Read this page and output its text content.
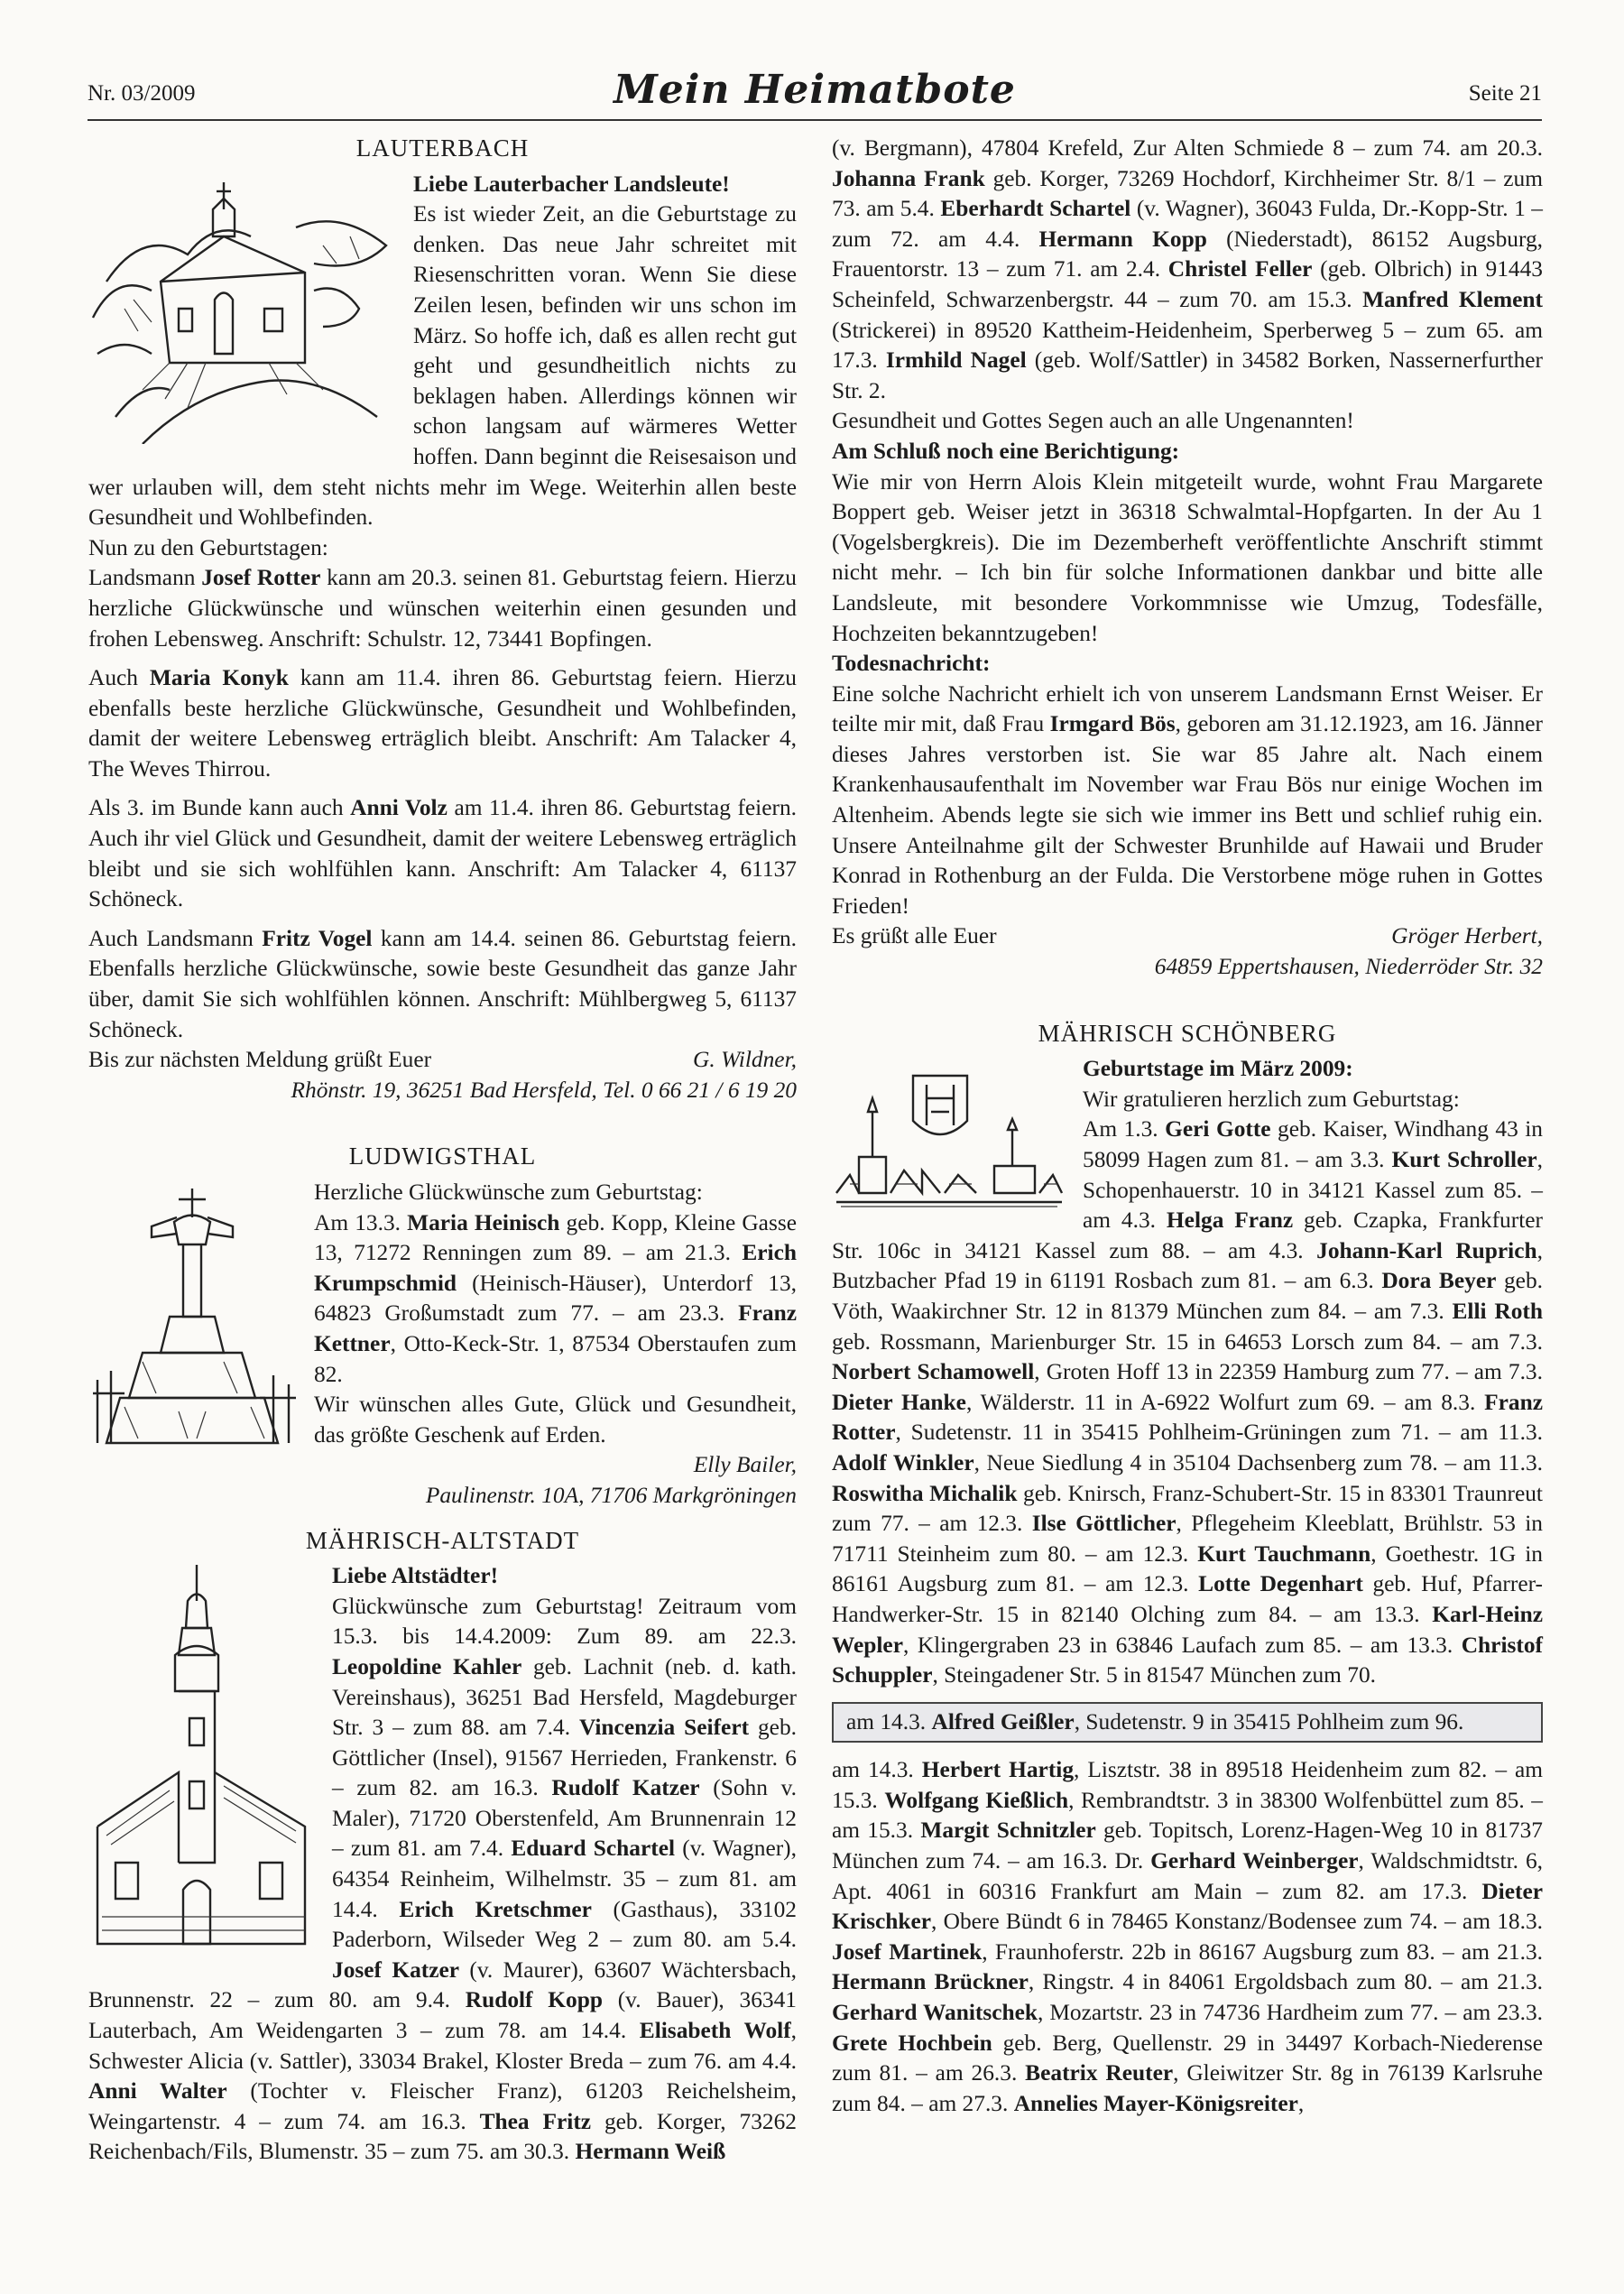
Nr. 03/2009	Mein Heimatbote	Seite 21
LAUTERBACH

Liebe Lauterbacher Landsleute!

Es ist wieder Zeit, an die Geburtstage zu denken. Das neue Jahr schreitet mit Riesenschritten voran. Wenn Sie diese Zeilen lesen, befinden wir uns schon im März. So hoffe ich, daß es allen recht gut geht und gesundheitlich nichts zu beklagen haben. Allerdings können wir schon langsam auf wärmeres Wetter hoffen. Dann beginnt die Reisesaison und wer urlauben will, dem steht nichts mehr im Wege. Weiterhin allen beste Gesundheit und Wohlbefinden.

Nun zu den Geburtstagen:

Landsmann Josef Rotter kann am 20.3. seinen 81. Geburtstag feiern. Hierzu herzliche Glückwünsche und wünschen weiterhin einen gesunden und frohen Lebensweg. Anschrift: Schulstr. 12, 73441 Bopfingen.

Auch Maria Konyk kann am 11.4. ihren 86. Geburtstag feiern. Hierzu ebenfalls beste herzliche Glückwünsche, Gesundheit und Wohlbefinden, damit der weitere Lebensweg erträglich bleibt. Anschrift: Am Talacker 4, The Weves Thirrou.

Als 3. im Bunde kann auch Anni Volz am 11.4. ihren 86. Geburtstag feiern. Auch ihr viel Glück und Gesundheit, damit der weitere Lebensweg erträglich bleibt und sie sich wohlfühlen kann. Anschrift: Am Talacker 4, 61137 Schöneck.

Auch Landsmann Fritz Vogel kann am 14.4. seinen 86. Geburtstag feiern. Ebenfalls herzliche Glückwünsche, sowie beste Gesundheit das ganze Jahr über, damit Sie sich wohlfühlen können. Anschrift: Mühlbergweg 5, 61137 Schöneck.

Bis zur nächsten Meldung grüßt Euer	G. Wildner,

Rhönstr. 19, 36251 Bad Hersfeld, Tel. 0 66 21 / 6 19 20

LUDWIGSTHAL

Herzliche Glückwünsche zum Geburtstag:

Am 13.3. Maria Heinisch geb. Kopp, Kleine Gasse 13, 71272 Renningen zum 89. – am 21.3. Erich Krumpschmid (Heinisch-Häuser), Unterdorf 13, 64823 Großumstadt zum 77. – am 23.3. Franz Kettner, Otto-Keck-Str. 1, 87534 Oberstaufen zum 82.

Wir wünschen alles Gute, Glück und Gesundheit, das größte Geschenk auf Erden.

Elly Bailer,

Paulinenstr. 10A, 71706 Markgröningen

MÄHRISCH-ALTSTADT

Liebe Altstädter!

Glückwünsche zum Geburtstag! Zeitraum vom 15.3. bis 14.4.2009: Zum 89. am 22.3. Leopoldine Kahler geb. Lachnit (neb. d. kath. Vereinshaus), 36251 Bad Hersfeld, Magdeburger Str. 3 – zum 88. am 7.4. Vincenzia Seifert geb. Göttlicher (Insel), 91567 Herrieden, Frankenstr. 6 – zum 82. am 16.3. Rudolf Katzer (Sohn v. Maler), 71720 Oberstenfeld, Am Brunnenrain 12 – zum 81. am 7.4. Eduard Schartel (v. Wagner), 64354 Reinheim, Wilhelmstr. 35 – zum 81. am 14.4. Erich Kretschmer (Gasthaus), 33102 Paderborn, Wilseder Weg 2 – zum 80. am 5.4. Josef Katzer (v. Maurer), 63607 Wächtersbach, Brunnenstr. 22 – zum 80. am 9.4. Rudolf Kopp (v. Bauer), 36341 Lauterbach, Am Weidengarten 3 – zum 78. am 14.4. Elisabeth Wolf, Schwester Alicia (v. Sattler), 33034 Brakel, Kloster Breda – zum 76. am 4.4. Anni Walter (Tochter v. Fleischer Franz), 61203 Reichelsheim, Weingartenstr. 4 – zum 74. am 16.3. Thea Fritz geb. Korger, 73262 Reichenbach/Fils, Blumenstr. 35 – zum 75. am 30.3. Hermann Weiß

(v. Bergmann), 47804 Krefeld, Zur Alten Schmiede 8 – zum 74. am 20.3. Johanna Frank geb. Korger, 73269 Hochdorf, Kirchheimer Str. 8/1 – zum 73. am 5.4. Eberhardt Schartel (v. Wagner), 36043 Fulda, Dr.-Kopp-Str. 1 – zum 72. am 4.4. Hermann Kopp (Niederstadt), 86152 Augsburg, Frauentorstr. 13 – zum 71. am 2.4. Christel Feller (geb. Olbrich) in 91443 Scheinfeld, Schwarzenbergstr. 44 – zum 70. am 15.3. Manfred Klement (Strickerei) in 89520 Kattheim-Heidenheim, Sperberweg 5 – zum 65. am 17.3. Irmhild Nagel (geb. Wolf/Sattler) in 34582 Borken, Nassernerfurther Str. 2.

Gesundheit und Gottes Segen auch an alle Ungenannten!

Am Schluß noch eine Berichtigung:

Wie mir von Herrn Alois Klein mitgeteilt wurde, wohnt Frau Margarete Boppert geb. Weiser jetzt in 36318 Schwalmtal-Hopfgarten. In der Au 1 (Vogelsbergkreis). Die im Dezemberheft veröffentlichte Anschrift stimmt nicht mehr. – Ich bin für solche Informationen dankbar und bitte alle Landsleute, mit besondere Vorkommnisse wie Umzug, Todesfälle, Hochzeiten bekanntzugeben!

Todesnachricht:

Eine solche Nachricht erhielt ich von unserem Landsmann Ernst Weiser. Er teilte mir mit, daß Frau Irmgard Bös, geboren am 31.12.1923, am 16. Jänner dieses Jahres verstorben ist. Sie war 85 Jahre alt. Nach einem Krankenhausaufenthalt im November war Frau Bös nur einige Wochen im Altenheim. Abends legte sie sich wie immer ins Bett und schlief ruhig ein. Unsere Anteilnahme gilt der Schwester Brunhilde auf Hawaii und Bruder Konrad in Rothenburg an der Fulda. Die Verstorbene möge ruhen in Gottes Frieden!

Es grüßt alle Euer	Gröger Herbert,

64859 Eppertshausen, Niederröder Str. 32

MÄHRISCH SCHÖNBERG

Geburtstage im März 2009:

Wir gratulieren herzlich zum Geburtstag:

Am 1.3. Geri Gotte geb. Kaiser, Windhang 43 in 58099 Hagen zum 81. – am 3.3. Kurt Schroller, Schopenhauerstr. 10 in 34121 Kassel zum 85. – am 4.3. Helga Franz geb. Czapka, Frankfurter Str. 106c in 34121 Kassel zum 88. – am 4.3. Johann-Karl Ruprich, Butzbacher Pfad 19 in 61191 Rosbach zum 81. – am 6.3. Dora Beyer geb. Vöth, Waakirchner Str. 12 in 81379 München zum 84. – am 7.3. Elli Roth geb. Rossmann, Marienburger Str. 15 in 64653 Lorsch zum 84. – am 7.3. Norbert Schamowell, Groten Hoff 13 in 22359 Hamburg zum 77. – am 7.3. Dieter Hanke, Wälderstr. 11 in A-6922 Wolfurt zum 69. – am 8.3. Franz Rotter, Sudetenstr. 11 in 35415 Pohlheim-Grüningen zum 71. – am 11.3. Adolf Winkler, Neue Siedlung 4 in 35104 Dachsenberg zum 78. – am 11.3. Roswitha Michalik geb. Knirsch, Franz-Schubert-Str. 15 in 83301 Traunreut zum 77. – am 12.3. Ilse Göttlicher, Pflegeheim Kleeblatt, Brühlstr. 53 in 71711 Steinheim zum 80. – am 12.3. Kurt Tauchmann, Goethestr. 1G in 86161 Augsburg zum 81. – am 12.3. Lotte Degenhart geb. Huf, Pfarrer-Handwerker-Str. 15 in 82140 Olching zum 84. – am 13.3. Karl-Heinz Wepler, Klingergraben 23 in 63846 Laufach zum 85. – am 13.3. Christof Schuppler, Steingadener Str. 5 in 81547 München zum 70.

am 14.3. Alfred Geißler, Sudetenstr. 9 in 35415 Pohlheim zum 96.

am 14.3. Herbert Hartig, Lisztstr. 38 in 89518 Heidenheim zum 82. – am 15.3. Wolfgang Kießlich, Rembrandtstr. 3 in 38300 Wolfenbüttel zum 85. – am 15.3. Margit Schnitzler geb. Topitsch, Lorenz-Hagen-Weg 10 in 81737 München zum 74. – am 16.3. Dr. Gerhard Weinberger, Waldschmidtstr. 6, Apt. 4061 in 60316 Frankfurt am Main – zum 82. am 17.3. Dieter Krischker, Obere Bündt 6 in 78465 Konstanz/Bodensee zum 74. – am 18.3. Josef Martinek, Fraunhoferstr. 22b in 86167 Augsburg zum 83. – am 21.3. Hermann Brückner, Ringstr. 4 in 84061 Ergoldsbach zum 80. – am 21.3. Gerhard Wanitschek, Mozartstr. 23 in 74736 Hardheim zum 77. – am 23.3. Grete Hochbein geb. Berg, Quellenstr. 29 in 34497 Korbach-Niederense zum 81. – am 26.3. Beatrix Reuter, Gleiwitzer Str. 8g in 76139 Karlsruhe zum 84. – am 27.3. Annelies Mayer-Königsreiter,
